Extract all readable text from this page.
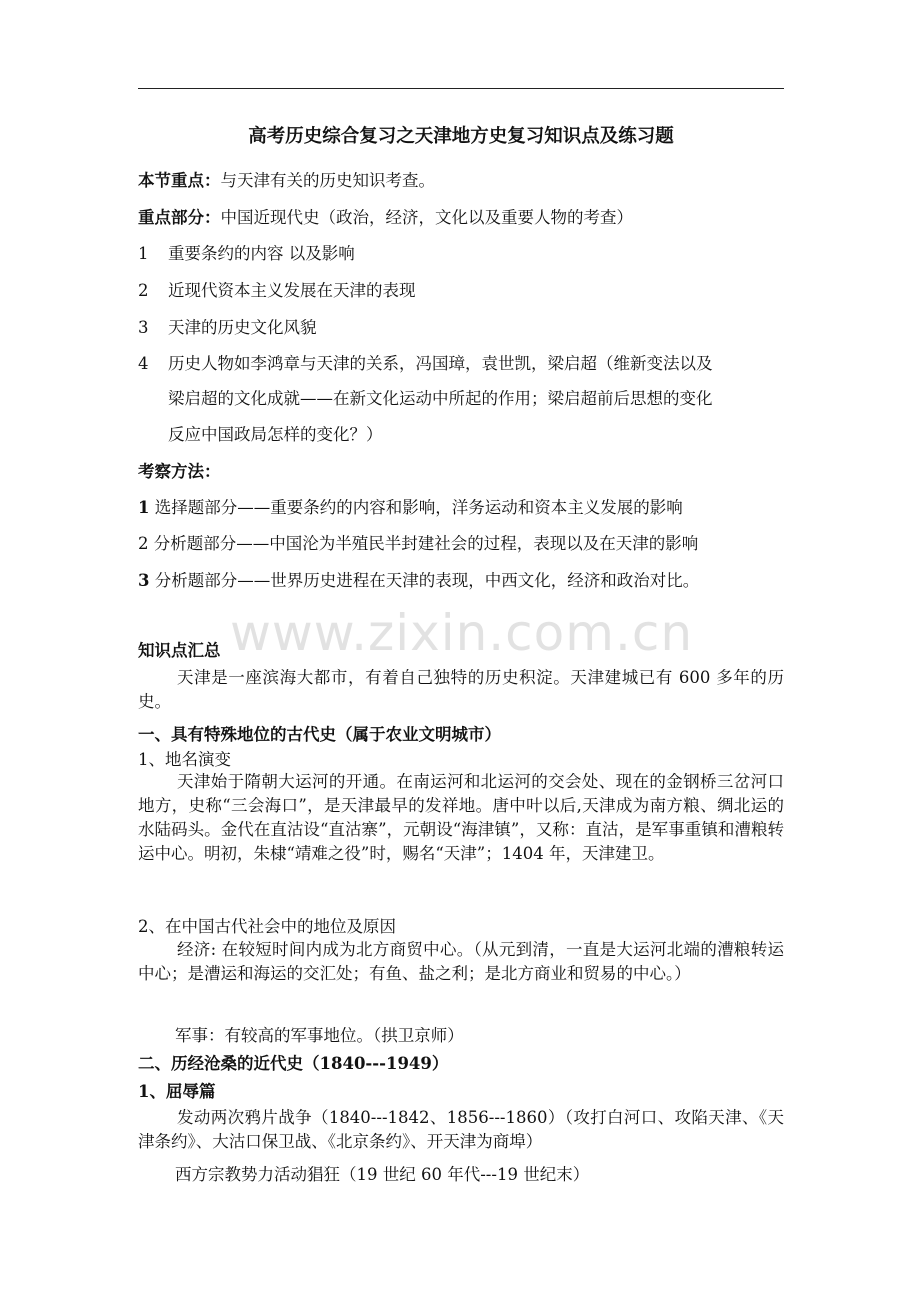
www.zixin.com.cn
高考历史综合复习之天津地方史复习知识点及练习题
本节重点：与天津有关的历史知识考查。
重点部分：中国近现代史（政治，经济，文化以及重要人物的考查）
1 重要条约的内容 以及影响
2 近现代资本主义发展在天津的表现
3 天津的历史文化风貌
4 历史人物如李鸿章与天津的关系，冯国璋，袁世凯，梁启超（维新变法以及
梁启超的文化成就——在新文化运动中所起的作用；梁启超前后思想的变化
反应中国政局怎样的变化？）
考察方法：
1 选择题部分——重要条约的内容和影响，洋务运动和资本主义发展的影响
2 分析题部分——中国沦为半殖民半封建社会的过程，表现以及在天津的影响
3 分析题部分——世界历史进程在天津的表现，中西文化，经济和政治对比。
知识点汇总
天津是一座滨海大都市，有着自己独特的历史积淀。天津建城已有 600 多年的历史。
一、具有特殊地位的古代史（属于农业文明城市）
1、地名演变
天津始于隋朝大运河的开通。在南运河和北运河的交会处、现在的金钢桥三岔河口地方，史称“三会海口”，是天津最早的发祥地。唐中叶以后,天津成为南方粮、绸北运的水陆码头。金代在直沽设“直沽寨”，元朝设“海津镇”，又称：直沽，是军事重镇和漕粮转运中心。明初，朱棣“靖难之役”时，赐名“天津”；1404 年，天津建卫。
2、在中国古代社会中的地位及原因
经济: 在较短时间内成为北方商贸中心。（从元到清，一直是大运河北端的漕粮转运中心；是漕运和海运的交汇处；有鱼、盐之利；是北方商业和贸易的中心。）
军事：有较高的军事地位。（拱卫京师）
二、历经沧桑的近代史（1840---1949）
1、屈辱篇
发动两次鸦片战争（1840---1842、1856---1860）（攻打白河口、攻陷天津、《天津条约》、大沽口保卫战、《北京条约》、开天津为商埠）
西方宗教势力活动猖狂（19 世纪 60 年代---19 世纪末）
